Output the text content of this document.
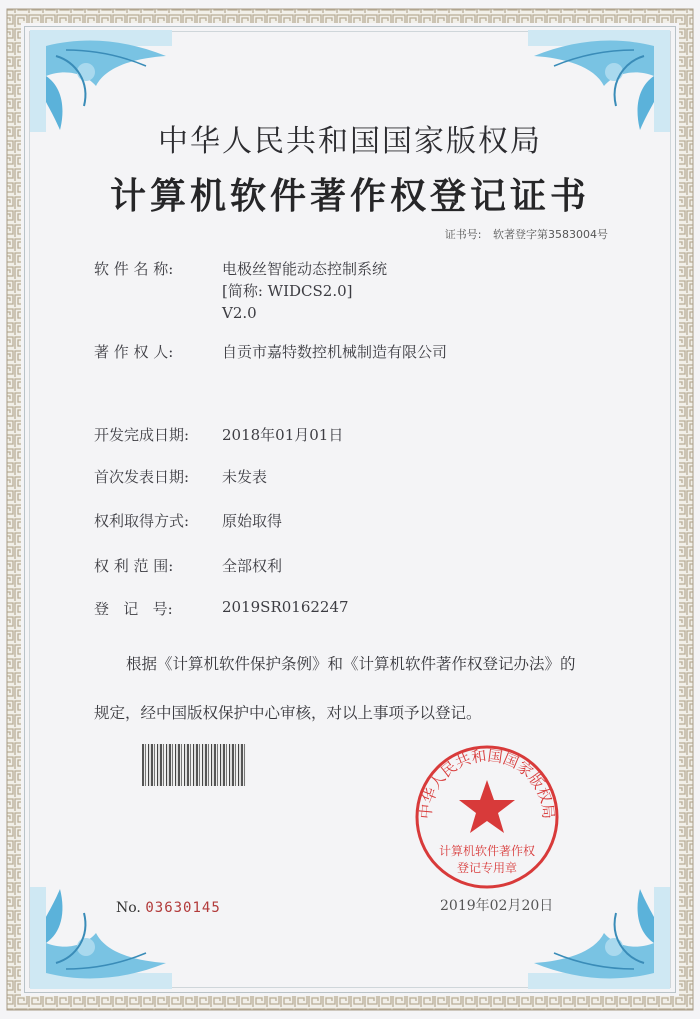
中华人民共和国国家版权局
计算机软件著作权登记证书
证书号: 软著登字第3583004号
软 件 名 称:	电极丝智能动态控制系统
[简称: WIDCS2.0]
V2.0
著 作 权 人:	自贡市嘉特数控机械制造有限公司
开发完成日期: 2018年01月01日
首次发表日期: 未发表
权利取得方式: 原始取得
权 利 范 围:	全部权利
登   记   号:	2019SR0162247
根据《计算机软件保护条例》和《计算机软件著作权登记办法》的
规定，经中国版权保护中心审核，对以上事项予以登记。
中华人民共和国国家版权局
计算机软件著作权
登记专用章
No. 03630145	2019年02月20日
